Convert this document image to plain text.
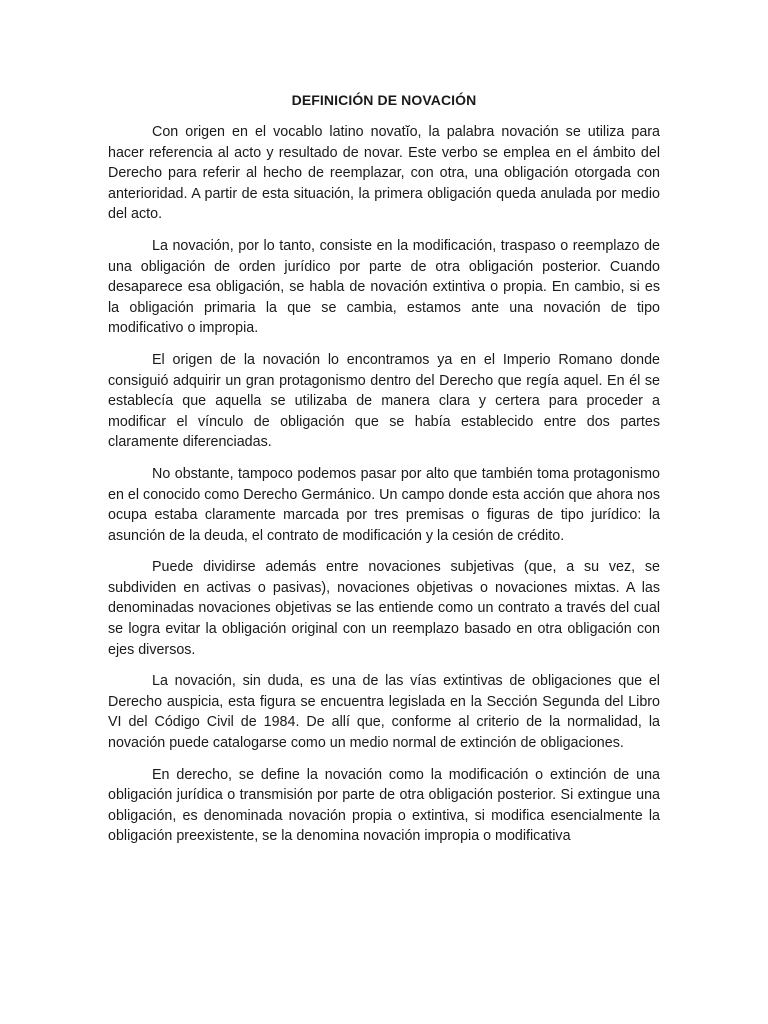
DEFINICIÓN DE NOVACIÓN

Con origen en el vocablo latino novatĭo, la palabra novación se utiliza para hacer referencia al acto y resultado de novar. Este verbo se emplea en el ámbito del Derecho para referir al hecho de reemplazar, con otra, una obligación otorgada con anterioridad. A partir de esta situación, la primera obligación queda anulada por medio del acto.

La novación, por lo tanto, consiste en la modificación, traspaso o reemplazo de una obligación de orden jurídico por parte de otra obligación posterior. Cuando desaparece esa obligación, se habla de novación extintiva o propia. En cambio, si es la obligación primaria la que se cambia, estamos ante una novación de tipo modificativo o impropia.

El origen de la novación lo encontramos ya en el Imperio Romano donde consiguió adquirir un gran protagonismo dentro del Derecho que regía aquel. En él se establecía que aquella se utilizaba de manera clara y certera para proceder a modificar el vínculo de obligación que se había establecido entre dos partes claramente diferenciadas.

No obstante, tampoco podemos pasar por alto que también toma protagonismo en el conocido como Derecho Germánico. Un campo donde esta acción que ahora nos ocupa estaba claramente marcada por tres premisas o figuras de tipo jurídico: la asunción de la deuda, el contrato de modificación y la cesión de crédito.

Puede dividirse además entre novaciones subjetivas (que, a su vez, se subdividen en activas o pasivas), novaciones objetivas o novaciones mixtas. A las denominadas novaciones objetivas se las entiende como un contrato a través del cual se logra evitar la obligación original con un reemplazo basado en otra obligación con ejes diversos.

La novación, sin duda, es una de las vías extintivas de obligaciones que el Derecho auspicia, esta figura se encuentra legislada en la Sección Segunda del Libro VI del Código Civil de 1984. De allí que, conforme al criterio de la normalidad, la novación puede catalogarse como un medio normal de extinción de obligaciones.

En derecho, se define la novación como la modificación o extinción de una obligación jurídica o transmisión por parte de otra obligación posterior. Si extingue una obligación, es denominada novación propia o extintiva, si modifica esencialmente la obligación preexistente, se la denomina novación impropia o modificativa
